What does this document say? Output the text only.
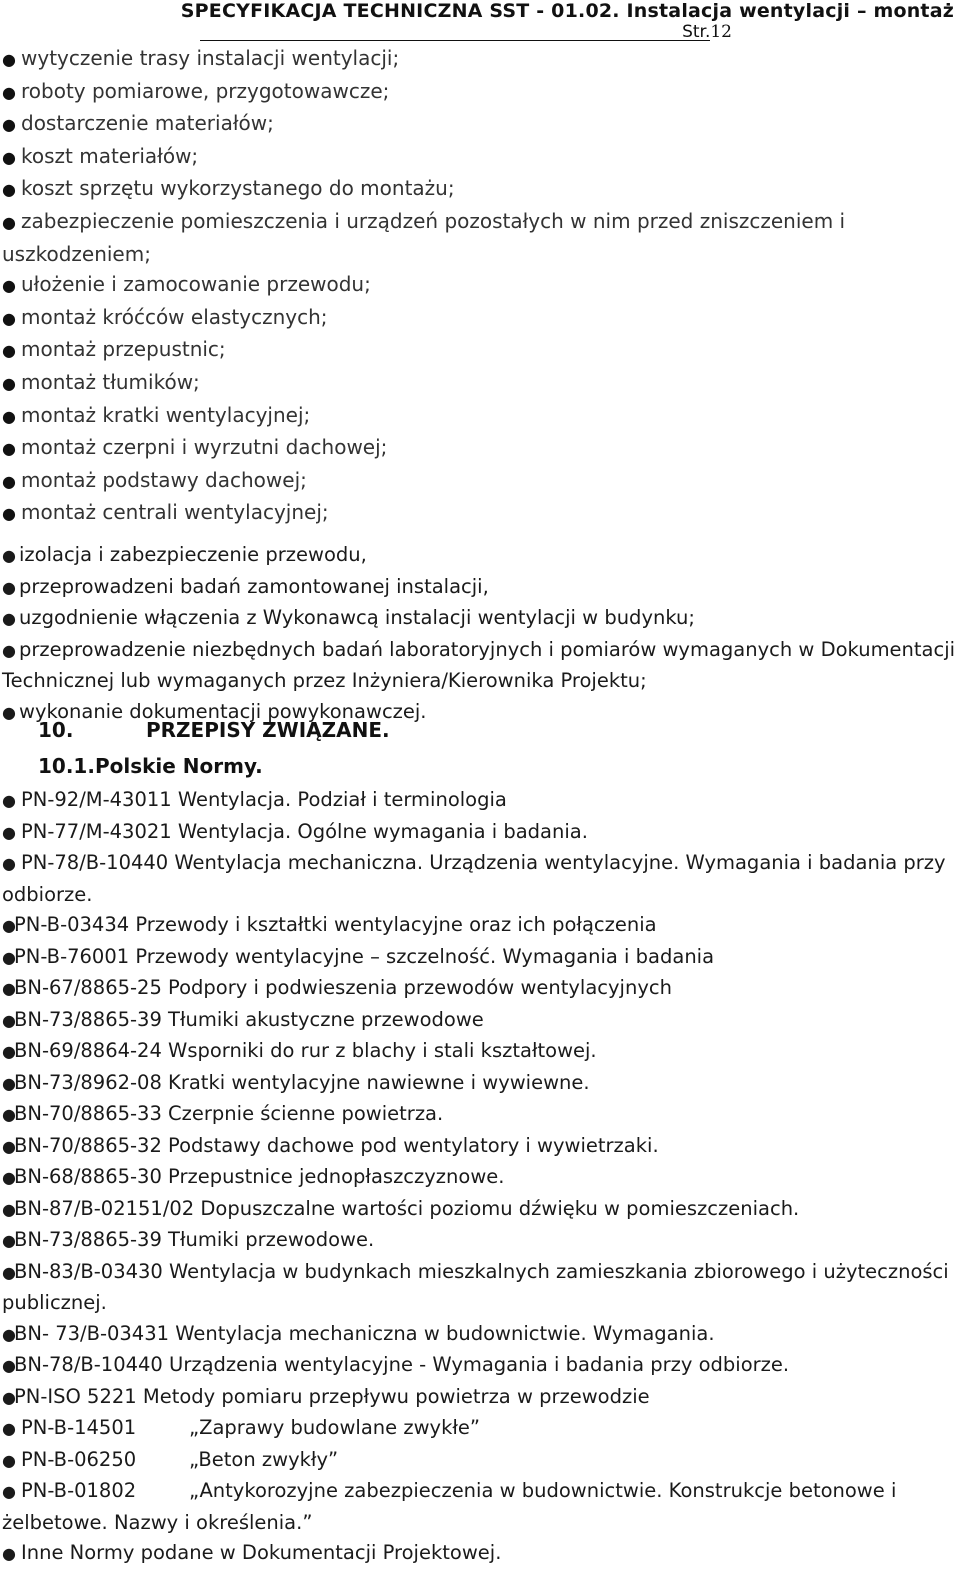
SPECYFIKACJA TECHNICZNA SST - 01.02. Instalacja wentylacji – montaż
Str.12
● wytyczenie trasy instalacji wentylacji;
● roboty pomiarowe, przygotowawcze;
● dostarczenie materiałów;
● koszt materiałów;
● koszt sprzętu wykorzystanego do montażu;
● zabezpieczenie pomieszczenia i urządzeń pozostałych w nim przed zniszczeniem i uszkodzeniem;
● ułożenie i zamocowanie przewodu;
● montaż króćców elastycznych;
● montaż przepustnic;
● montaż tłumików;
● montaż kratki wentylacyjnej;
● montaż czerpni i wyrzutni dachowej;
● montaż podstawy dachowej;
● montaż centrali wentylacyjnej;
● izolacja i zabezpieczenie przewodu,
● przeprowadzeni badań zamontowanej instalacji,
● uzgodnienie włączenia z Wykonawcą instalacji wentylacji w budynku;
● przeprowadzenie niezbędnych badań laboratoryjnych i pomiarów wymaganych w Dokumentacji Technicznej lub wymaganych przez Inżyniera/Kierownika Projektu;
● wykonanie dokumentacji powykonawczej.
10.	PRZEPISY ZWIĄZANE.
10.1.Polskie Normy.
● PN-92/M-43011 Wentylacja. Podział i terminologia
● PN-77/M-43021 Wentylacja. Ogólne wymagania i badania.
● PN-78/B-10440 Wentylacja mechaniczna. Urządzenia wentylacyjne. Wymagania i badania przy odbiorze.
●PN-B-03434 Przewody i kształtki wentylacyjne oraz ich połączenia
●PN-B-76001 Przewody wentylacyjne – szczelność. Wymagania i badania
●BN-67/8865-25 Podpory i podwieszenia przewodów wentylacyjnych
●BN-73/8865-39 Tłumiki akustyczne przewodowe
●BN-69/8864-24 Wsporniki do rur z blachy i stali kształtowej.
●BN-73/8962-08 Kratki wentylacyjne nawiewne i wywiewne.
●BN-70/8865-33 Czerpnie ścienne powietrza.
●BN-70/8865-32 Podstawy dachowe pod wentylatory i wywietrzaki.
●BN-68/8865-30 Przepustnice jednopłaszczyznowe.
●BN-87/B-02151/02 Dopuszczalne wartości poziomu dźwięku w pomieszczeniach.
●BN-73/8865-39 Tłumiki przewodowe.
●BN-83/B-03430 Wentylacja w budynkach mieszkalnych zamieszkania zbiorowego i użyteczności publicznej.
●BN- 73/B-03431 Wentylacja mechaniczna w budownictwie. Wymagania.
●BN-78/B-10440 Urządzenia wentylacyjne - Wymagania i badania przy odbiorze.
●PN-ISO 5221 Metody pomiaru przepływu powietrza w przewodzie
● PN-B-14501	„Zaprawy budowlane zwykłe”
● PN-B-06250	„Beton zwykły”
● PN-B-01802	„Antykorozyjne zabezpieczenia w budownictwie. Konstrukcje betonowe i żelbetowe. Nazwy i określenia.”
● Inne Normy podane w Dokumentacji Projektowej.
